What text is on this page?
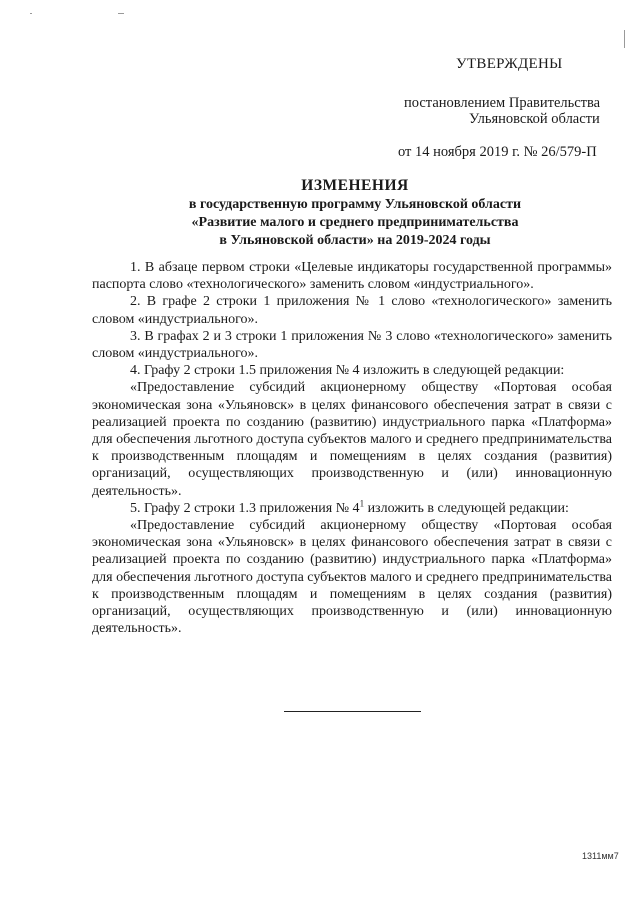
УТВЕРЖДЕНЫ
постановлением Правительства
Ульяновской области
от 14 ноября 2019 г. № 26/579-П
ИЗМЕНЕНИЯ
в государственную программу Ульяновской области
«Развитие малого и среднего предпринимательства
в Ульяновской области» на 2019-2024 годы

1. В абзаце первом строки «Целевые индикаторы государственной программы» паспорта слово «технологического» заменить словом «индустриального».

2. В графе 2 строки 1 приложения № 1 слово «технологического» заменить словом «индустриального».

3. В графах 2 и 3 строки 1 приложения № 3 слово «технологического» заменить словом «индустриального».

4. Графу 2 строки 1.5 приложения № 4 изложить в следующей редакции:

«Предоставление субсидий акционерному обществу «Портовая особая экономическая зона «Ульяновск» в целях финансового обеспечения затрат в связи с реализацией проекта по созданию (развитию) индустриального парка «Платформа» для обеспечения льготного доступа субъектов малого и среднего предпринимательства к производственным площадям и помещениям в целях создания (развития) организаций, осуществляющих производственную и (или) инновационную деятельность».

5. Графу 2 строки 1.3 приложения № $4^1$ изложить в следующей редакции:

«Предоставление субсидий акционерному обществу «Портовая особая экономическая зона «Ульяновск» в целях финансового обеспечения затрат в связи с реализацией проекта по созданию (развитию) индустриального парка «Платформа» для обеспечения льготного доступа субъектов малого и среднего предпринимательства к производственным площадям и помещениям в целях создания (развития) организаций, осуществляющих производственную и (или) инновационную деятельность».

1311мм7
